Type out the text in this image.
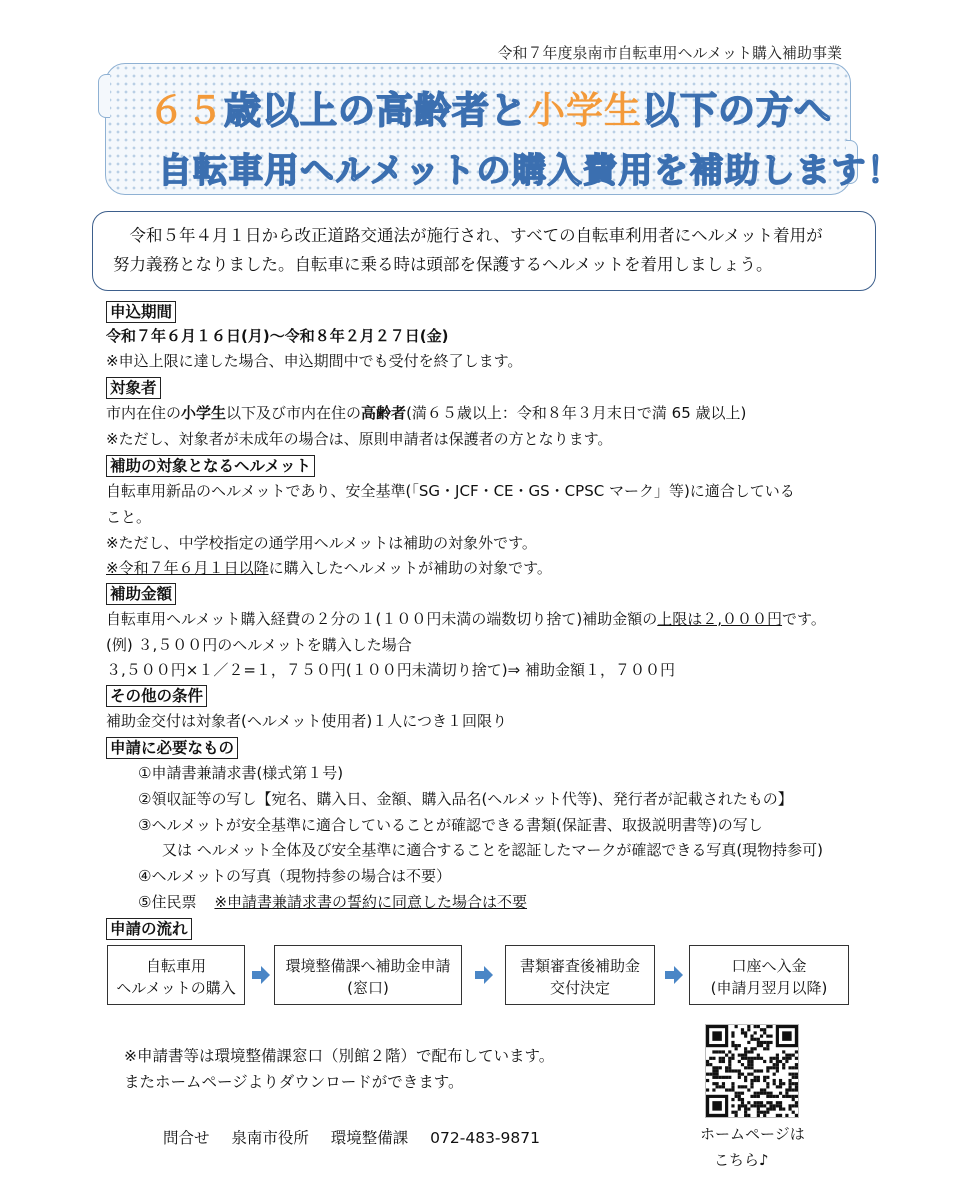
令和７年度泉南市自転車用ヘルメット購入補助事業
６５歳以上の高齢者と小学生以下の方へ
自転車用ヘルメットの購入費用を補助します！

令和５年４月１日から改正道路交通法が施行され、すべての自転車利用者にヘルメット着用が

努力義務となりました。自転車に乗る時は頭部を保護するヘルメットを着用しましょう。

申込期間
令和７年６月１６日(月)～令和８年２月２７日(金)
※申込上限に達した場合、申込期間中でも受付を終了します。
対象者
市内在住の小学生以下及び市内在住の高齢者(満６５歳以上：令和８年３月末日で満 65 歳以上)
※ただし、対象者が未成年の場合は、原則申請者は保護者の方となります。
補助の対象となるヘルメット
自転車用新品のヘルメットであり、安全基準(「SG・JCF・CE・GS・CPSC マーク」等)に適合している
こと。
※ただし、中学校指定の通学用ヘルメットは補助の対象外です。
※令和７年６月１日以降に購入したヘルメットが補助の対象です。
補助金額
自転車用ヘルメット購入経費の２分の１(１００円未満の端数切り捨て)補助金額の上限は２,０００円です。
(例) ３,５００円のヘルメットを購入した場合
３,５００円×１／２=１，７５０円(１００円未満切り捨て)⇒ 補助金額１，７００円
その他の条件
補助金交付は対象者(ヘルメット使用者)１人につき１回限り
申請に必要なもの
①申請書兼請求書(様式第１号)
②領収証等の写し【宛名、購入日、金額、購入品名(ヘルメット代等)、発行者が記載されたもの】
③ヘルメットが安全基準に適合していることが確認できる書類(保証書、取扱説明書等)の写し
又は ヘルメット全体及び安全基準に適合することを認証したマークが確認できる写真(現物持参可)
④ヘルメットの写真（現物持参の場合は不要）
⑤住民票 ※申請書兼請求書の誓約に同意した場合は不要
申請の流れ
自転車用
ヘルメットの購入
環境整備課へ補助金申請
(窓口)
書類審査後補助金
交付決定
口座へ入金
(申請月翌月以降)
※申請書等は環境整備課窓口（別館２階）で配布しています。
またホームページよりダウンロードができます。
問合せ 泉南市役所 環境整備課 072-483-9871	ホームページは
こちら♪
